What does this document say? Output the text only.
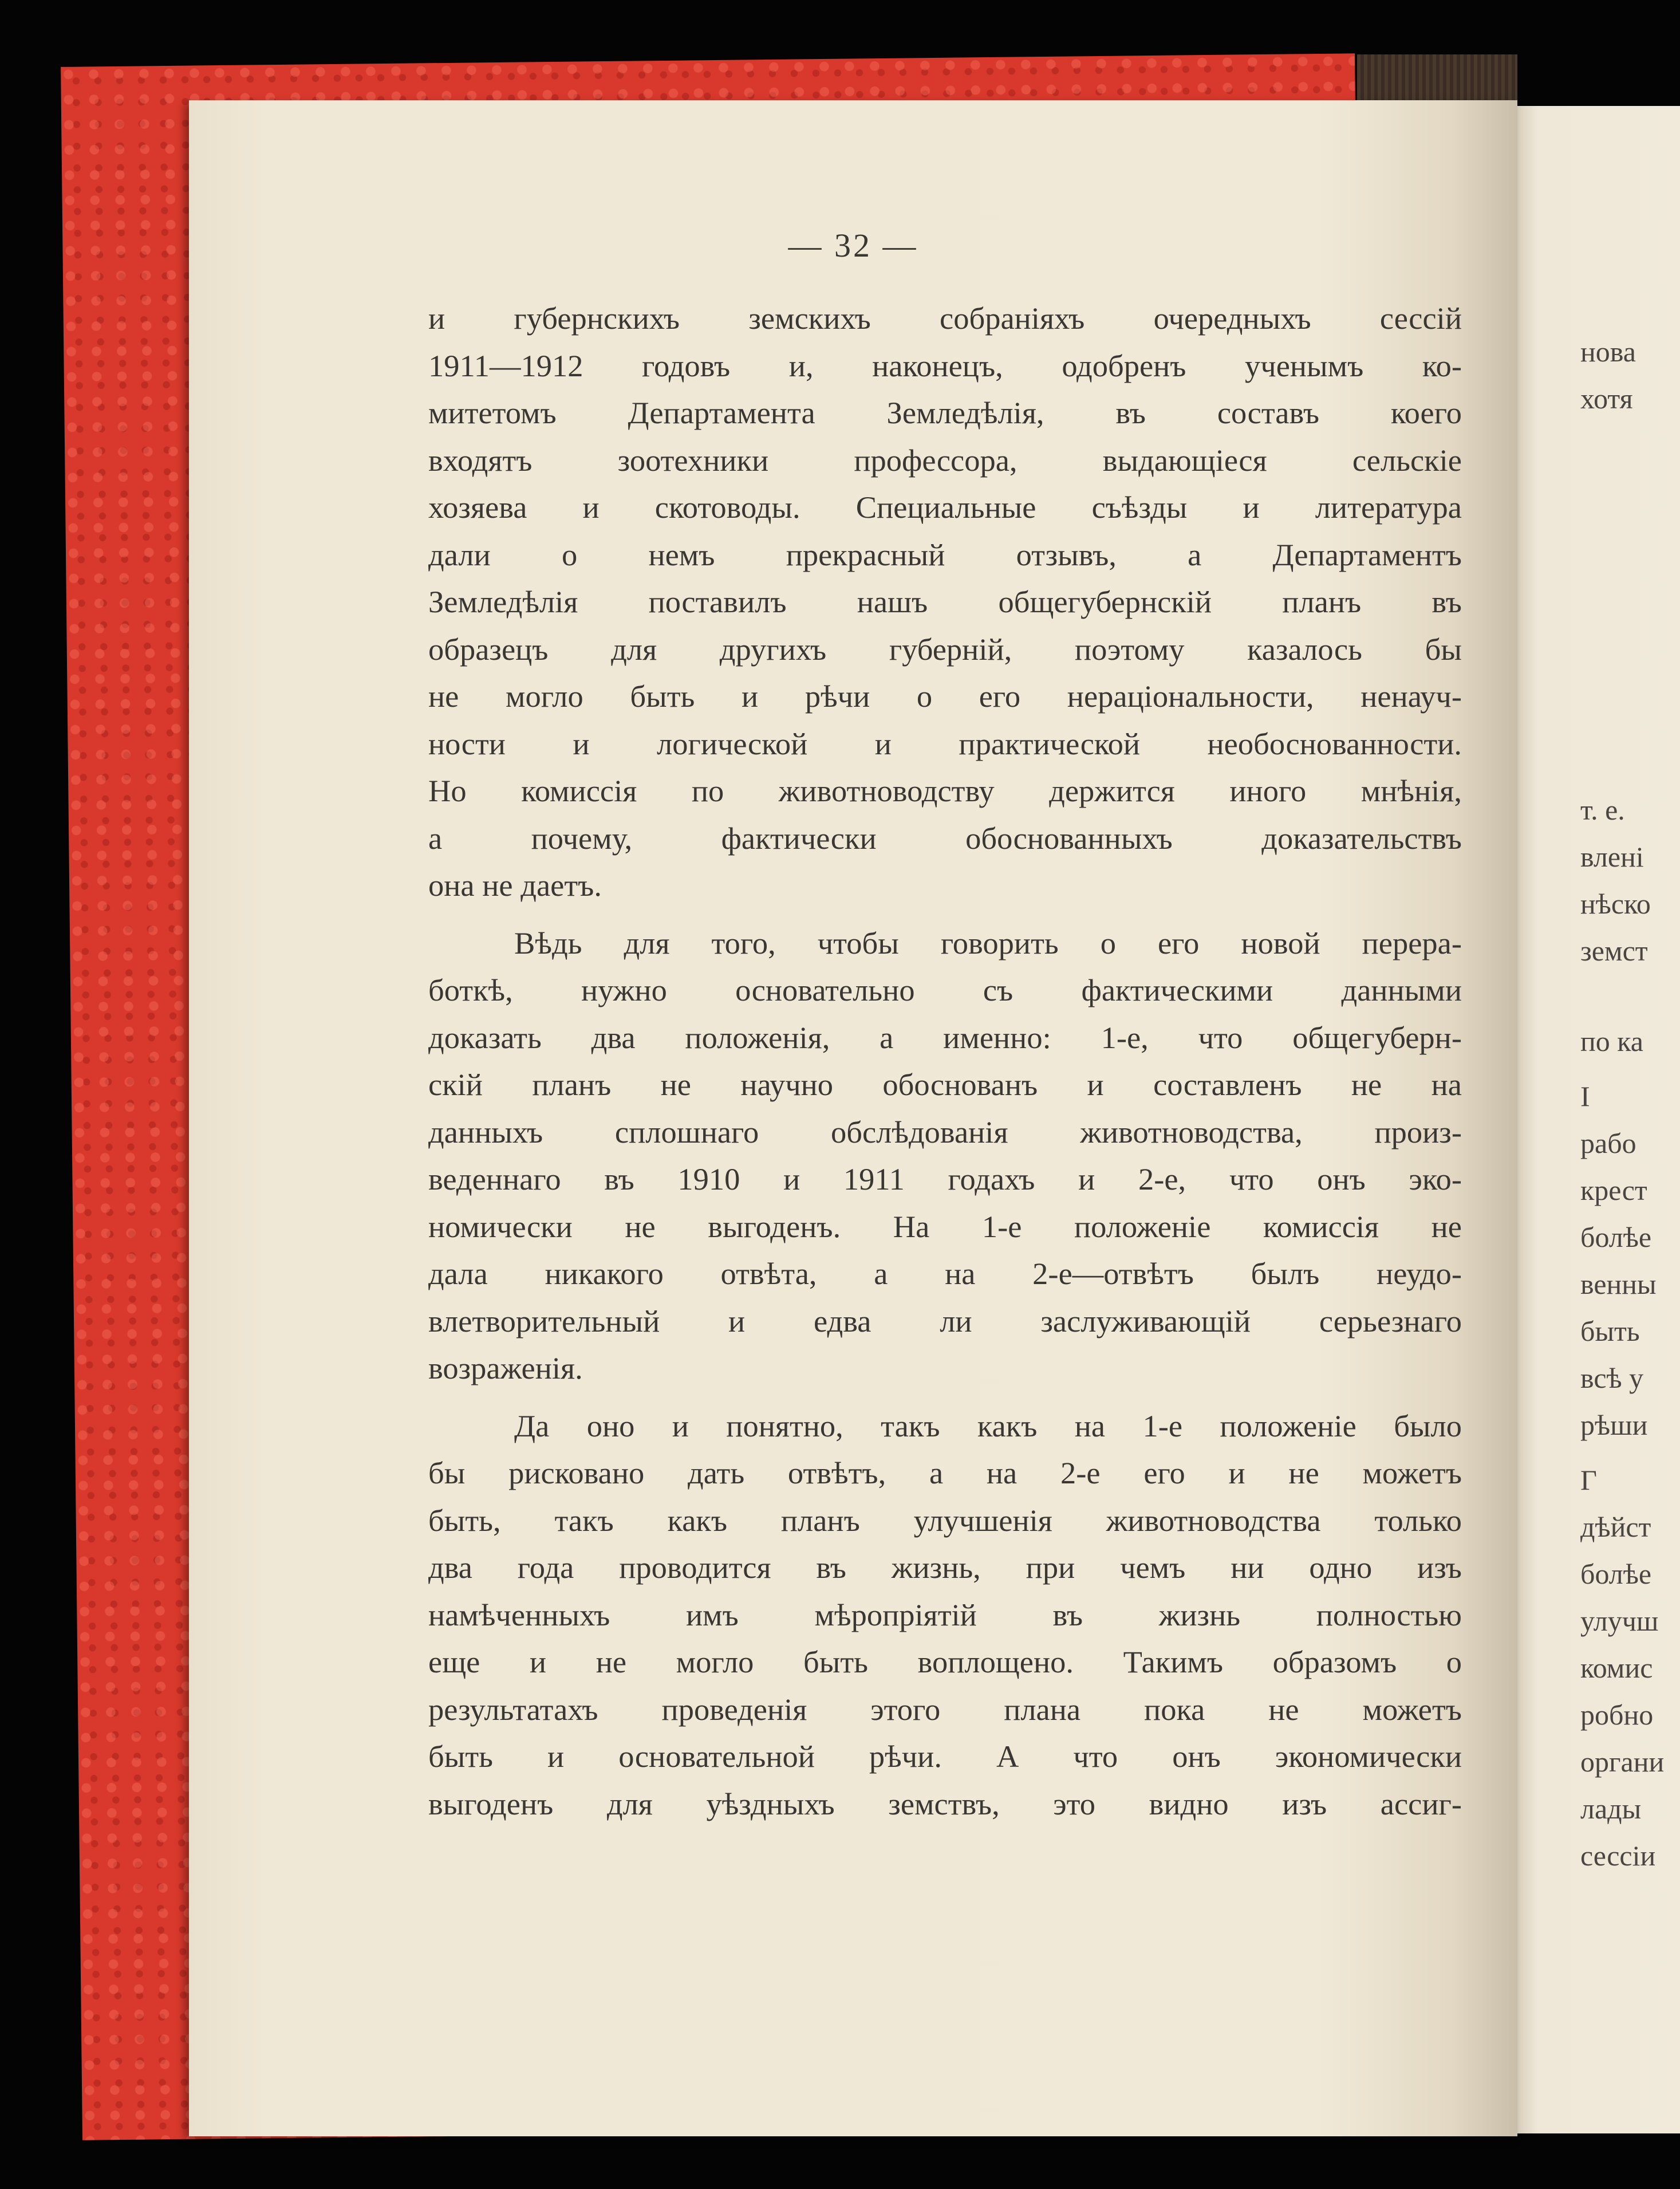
нова
хотя
т. е.
влені
нѣско
земст
по ка
І
рабо
крест
болѣе
венны
быть
всѣ у
рѣши
Г
дѣйст
болѣе
улучш
комис
робно
органи
лады
сессіи
— 32 —
и губернскихъ земскихъ собраніяхъ очередныхъ сессій
1911—1912 годовъ и, наконецъ, одобренъ ученымъ ко-
митетомъ Департамента Земледѣлія, въ составъ коего
входятъ зоотехники профессора, выдающіеся сельскіе
хозяева и скотоводы. Специальные съѣзды и литература
дали о немъ прекрасный отзывъ, а Департаментъ
Земледѣлія поставилъ нашъ общегубернскій планъ въ
образецъ для другихъ губерній, поэтому казалось бы
не могло быть и рѣчи о его нераціональности, ненауч-
ности и логической и практической необоснованности.
Но комиссія по животноводству держится иного мнѣнія,
а почему, фактически обоснованныхъ доказательствъ
она не даетъ.
Вѣдь для того, чтобы говорить о его новой перера-
боткѣ, нужно основательно съ фактическими данными
доказать два положенія, а именно: 1-е, что общегуберн-
скій планъ не научно обоснованъ и составленъ не на
данныхъ сплошнаго обслѣдованія животноводства, произ-
веденнаго въ 1910 и 1911 годахъ и 2-е, что онъ эко-
номически не выгоденъ. На 1-е положеніе комиссія не
дала никакого отвѣта, а на 2-е—отвѣтъ былъ неудо-
влетворительный и едва ли заслуживающій серьезнаго
возраженія.
Да оно и понятно, такъ какъ на 1-е положеніе было
бы рисковано дать отвѣтъ, а на 2-е его и не можетъ
быть, такъ какъ планъ улучшенія животноводства только
два года проводится въ жизнь, при чемъ ни одно изъ
намѣченныхъ имъ мѣропріятій въ жизнь полностью
еще и не могло быть воплощено. Такимъ образомъ о
результатахъ проведенія этого плана пока не можетъ
быть и основательной рѣчи. А что онъ экономически
выгоденъ для уѣздныхъ земствъ, это видно изъ ассиг-
